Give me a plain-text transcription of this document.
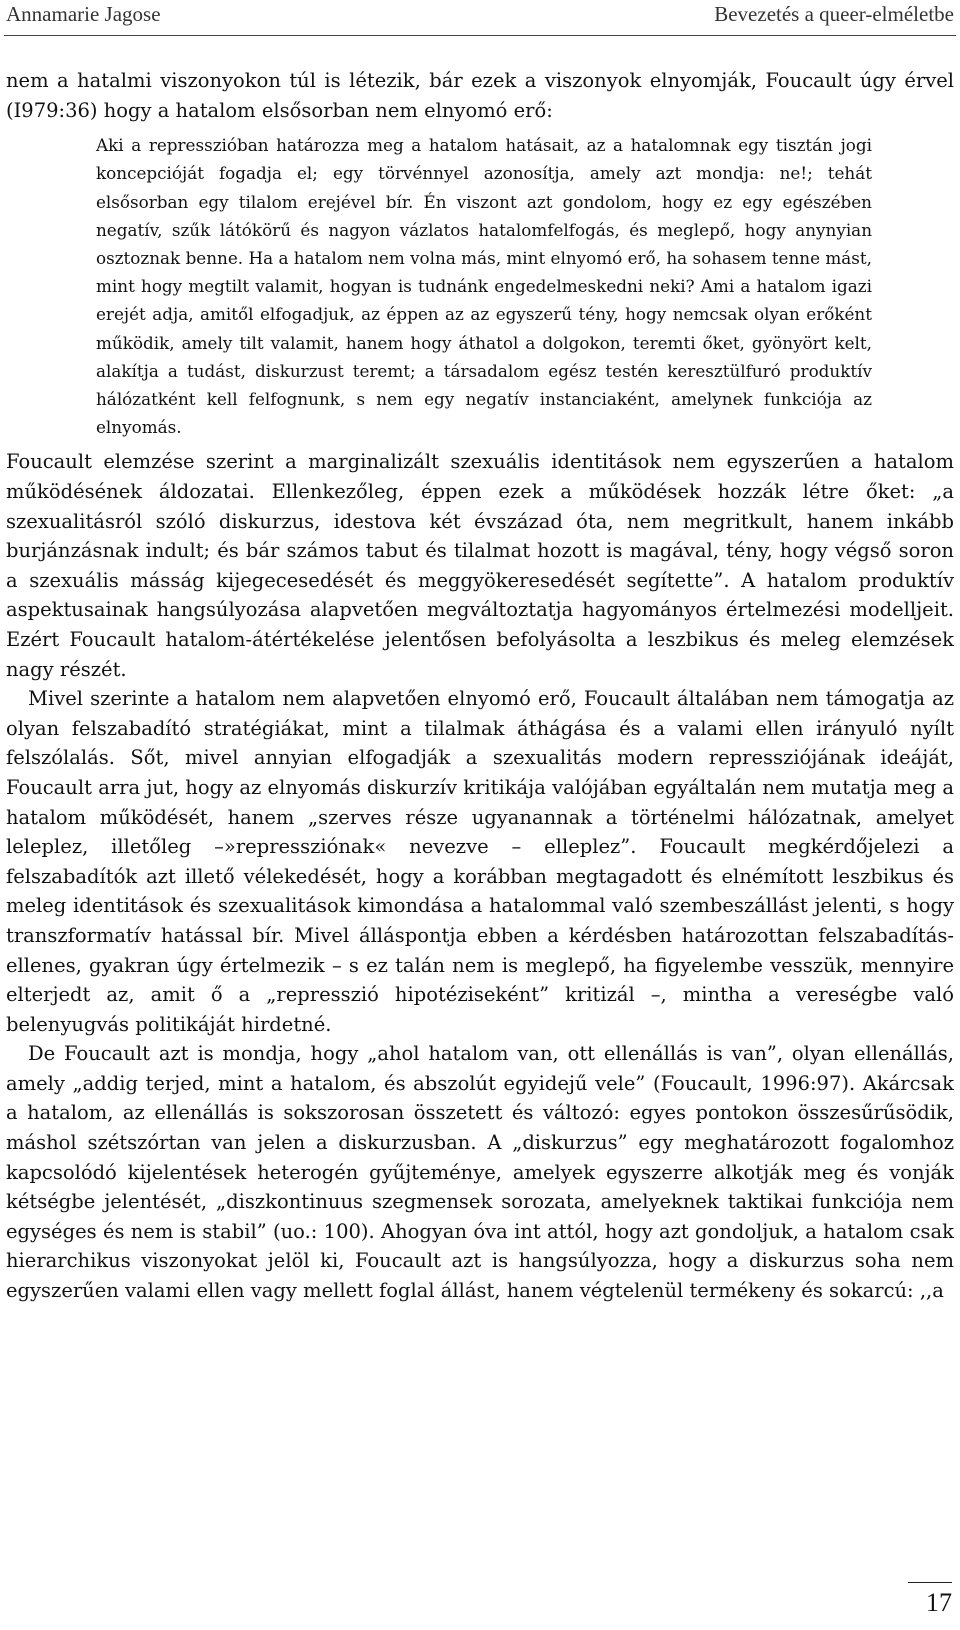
Annamarie Jagose	Bevezetés a queer-elméletbe

nem a hatalmi viszonyokon túl is létezik, bár ezek a viszonyok elnyomják, Foucault úgy érvel (I979:36) hogy a hatalom elsősorban nem elnyomó erő:

Aki a represszióban határozza meg a hatalom hatásait, az a hatalomnak egy tisztán jogi koncepcióját fogadja el; egy törvénnyel azonosítja, amely azt mondja: ne!; tehát elsősorban egy tilalom erejével bír. Én viszont azt gondolom, hogy ez egy egészében negatív, szűk látókörű és nagyon vázlatos hatalomfelfogás, és meglepő, hogy anynyian osztoznak benne. Ha a hatalom nem volna más, mint elnyomó erő, ha sohasem tenne mást, mint hogy megtilt valamit, hogyan is tudnánk engedelmeskedni neki? Ami a hatalom igazi erejét adja, amitől elfogadjuk, az éppen az az egyszerű tény, hogy nemcsak olyan erőként működik, amely tilt valamit, hanem hogy áthatol a dolgokon, teremti őket, gyönyört kelt, alakítja a tudást, diskurzust teremt; a társadalom egész testén keresztülfuró produktív hálózatként kell felfognunk, s nem egy negatív instanciaként, amelynek funkciója az elnyomás.

Foucault elemzése szerint a marginalizált szexuális identitások nem egyszerűen a hatalom működésének áldozatai. Ellenkezőleg, éppen ezek a működések hozzák létre őket: „a szexualitásról szóló diskurzus, idestova két évszázad óta, nem megritkult, hanem inkább burjánzásnak indult; és bár számos tabut és tilalmat hozott is magával, tény, hogy végső soron a szexuális másság kijegecesedését és meggyökeresedését segítette”. A hatalom produktív aspektusainak hangsúlyozása alapvetően megváltoztatja hagyományos értelmezési modelljeit. Ezért Foucault hatalom-átértékelése jelentősen befolyásolta a leszbikus és meleg elemzések nagy részét.

Mivel szerinte a hatalom nem alapvetően elnyomó erő, Foucault általában nem támogatja az olyan felszabadító stratégiákat, mint a tilalmak áthágása és a valami ellen irányuló nyílt felszólalás. Sőt, mivel annyian elfogadják a szexualitás modern repressziójának ideáját, Foucault arra jut, hogy az elnyomás diskurzív kritikája valójában egyáltalán nem mutatja meg a hatalom működését, hanem „szerves része ugyanannak a történelmi hálózatnak, amelyet leleplez, illetőleg –»repressziónak« nevezve – elleplez”. Foucault megkérdőjelezi a felszabadítók azt illető vélekedését, hogy a korábban megtagadott és elnémított leszbikus és meleg identitások és szexualitások kimondása a hatalommal való szembeszállást jelenti, s hogy transzformatív hatással bír. Mivel álláspontja ebben a kérdésben határozottan felszabadítás-ellenes, gyakran úgy értelmezik – s ez talán nem is meglepő, ha figyelembe vesszük, mennyire elterjedt az, amit ő a „represszió hipotéziseként” kritizál –, mintha a vereségbe való belenyugvás politikáját hirdetné.

De Foucault azt is mondja, hogy „ahol hatalom van, ott ellenállás is van”, olyan ellenállás, amely „addig terjed, mint a hatalom, és abszolút egyidejű vele” (Foucault, 1996:97). Akárcsak a hatalom, az ellenállás is sokszorosan összetett és változó: egyes pontokon összesűrűsödik, máshol szétszórtan van jelen a diskurzusban. A „diskurzus” egy meghatározott fogalomhoz kapcsolódó kijelentések heterogén gyűjteménye, amelyek egyszerre alkotják meg és vonják kétségbe jelentését, „diszkontinuus szegmensek sorozata, amelyeknek taktikai funkciója nem egységes és nem is stabil” (uo.: 100). Ahogyan óva int attól, hogy azt gondoljuk, a hatalom csak hierarchikus viszonyokat jelöl ki, Foucault azt is hangsúlyozza, hogy a diskurzus soha nem egyszerűen valami ellen vagy mellett foglal állást, hanem végtelenül termékeny és sokarcú: ,,a

17
